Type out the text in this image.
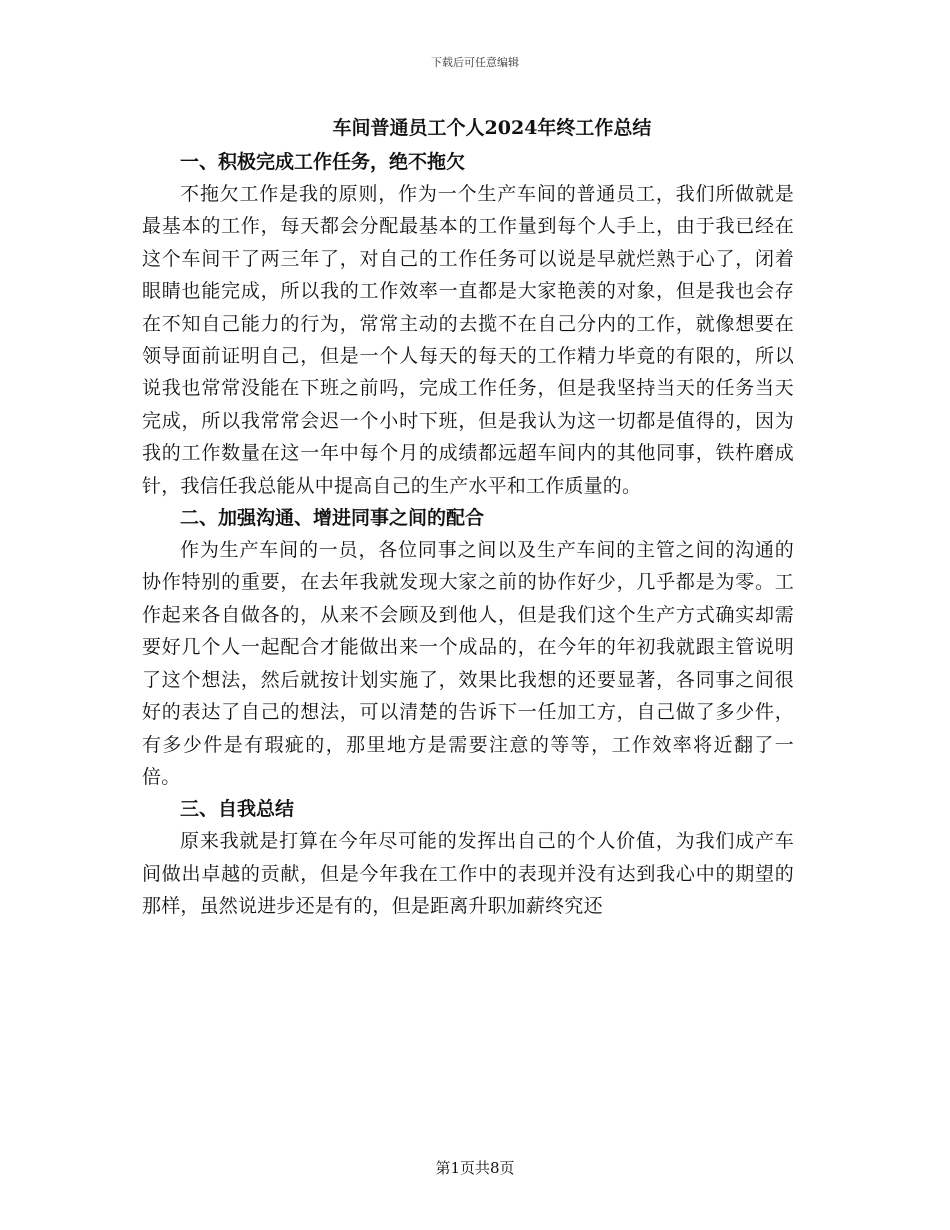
下载后可任意编辑
车间普通员工个人2024年终工作总结
一、积极完成工作任务，绝不拖欠

不拖欠工作是我的原则，作为一个生产车间的普通员工，我们所做就是最基本的工作，每天都会分配最基本的工作量到每个人手上，由于我已经在这个车间干了两三年了，对自己的工作任务可以说是早就烂熟于心了，闭着眼睛也能完成，所以我的工作效率一直都是大家艳羡的对象，但是我也会存在不知自己能力的行为，常常主动的去揽不在自己分内的工作，就像想要在领导面前证明自己，但是一个人每天的每天的工作精力毕竟的有限的，所以说我也常常没能在下班之前吗，完成工作任务，但是我坚持当天的任务当天完成，所以我常常会迟一个小时下班，但是我认为这一切都是值得的，因为我的工作数量在这一年中每个月的成绩都远超车间内的其他同事，铁杵磨成针，我信任我总能从中提高自己的生产水平和工作质量的。

二、加强沟通、增进同事之间的配合

作为生产车间的一员，各位同事之间以及生产车间的主管之间的沟通的协作特别的重要，在去年我就发现大家之前的协作好少，几乎都是为零。工作起来各自做各的，从来不会顾及到他人，但是我们这个生产方式确实却需要好几个人一起配合才能做出来一个成品的，在今年的年初我就跟主管说明了这个想法，然后就按计划实施了，效果比我想的还要显著，各同事之间很好的表达了自己的想法，可以清楚的告诉下一任加工方，自己做了多少件，有多少件是有瑕疵的，那里地方是需要注意的等等，工作效率将近翻了一倍。

三、自我总结

原来我就是打算在今年尽可能的发挥出自己的个人价值，为我们成产车间做出卓越的贡献，但是今年我在工作中的表现并没有达到我心中的期望的那样，虽然说进步还是有的，但是距离升职加薪终究还

第1页共8页
